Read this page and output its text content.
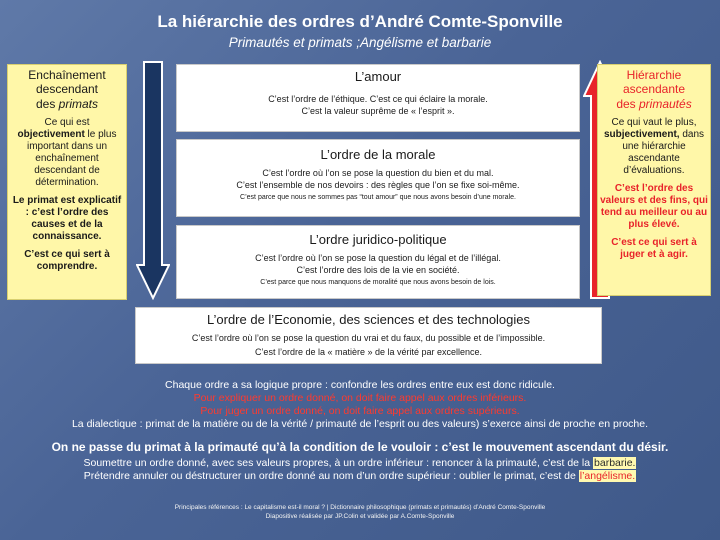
La hiérarchie des ordres d’André Comte-Sponville
Primautés et primats ;Angélisme et barbarie
Enchaînement descendant
des primats

Ce qui est objectivement le plus important dans un enchaînement descendant de détermination.

Le primat est explicatif : c’est l’ordre des causes et de la connaissance.

C’est ce qui sert à comprendre.

Hiérarchie ascendante
des primautés

Ce qui vaut le plus, subjectivement, dans une hiérarchie ascendante d’évaluations.

C’est l’ordre des valeurs et des fins, qui tend au meilleur ou au plus élevé.

C’est ce qui sert à juger et à agir.

L’amour
C’est l’ordre de l’éthique. C’est ce qui éclaire la morale.
C’est la valeur suprême de « l’esprit ».
L’ordre de la morale
C’est l’ordre où l’on se pose la question du bien et du mal.
C’est l’ensemble de nos devoirs : des règles que l’on se fixe soi-même.
C’est parce que nous ne sommes pas “tout amour” que nous avons besoin d’une morale.
L’ordre juridico-politique
C’est l’ordre où l’on se pose la question du légal et de l’illégal.
C’est l’ordre des lois de la vie en société.
C’est parce que nous manquons de moralité que nous avons besoin de lois.
L’ordre de l’Economie, des sciences et des technologies
C’est l’ordre où l’on se pose la question du vrai et du faux, du possible et de l’impossible.
C’est l’ordre de la « matière » de la vérité par excellence.
Chaque ordre a sa logique propre : confondre les ordres entre eux est donc ridicule.
Pour expliquer un ordre donné, on doit faire appel aux ordres inférieurs.
Pour juger un ordre donné, on doit faire appel aux ordres supérieurs.
La dialectique : primat de la matière ou de la vérité / primauté de l’esprit ou des valeurs) s’exerce ainsi de proche en proche.
On ne passe du primat à la primauté qu’à la condition de le vouloir : c’est le mouvement ascendant du désir.
Soumettre un ordre donné, avec ses valeurs propres, à un ordre inférieur : renoncer à la primauté, c’est de la barbarie.
Prétendre annuler ou déstructurer un ordre donné au nom d’un ordre supérieur : oublier le primat, c’est de l’angélisme.
Principales références : Le capitalisme est-il moral ? | Dictionnaire philosophique (primats et primautés) d’André Comte-Sponville
Diapositive réalisée par JP.Colin et validée par A.Comte-Sponville
